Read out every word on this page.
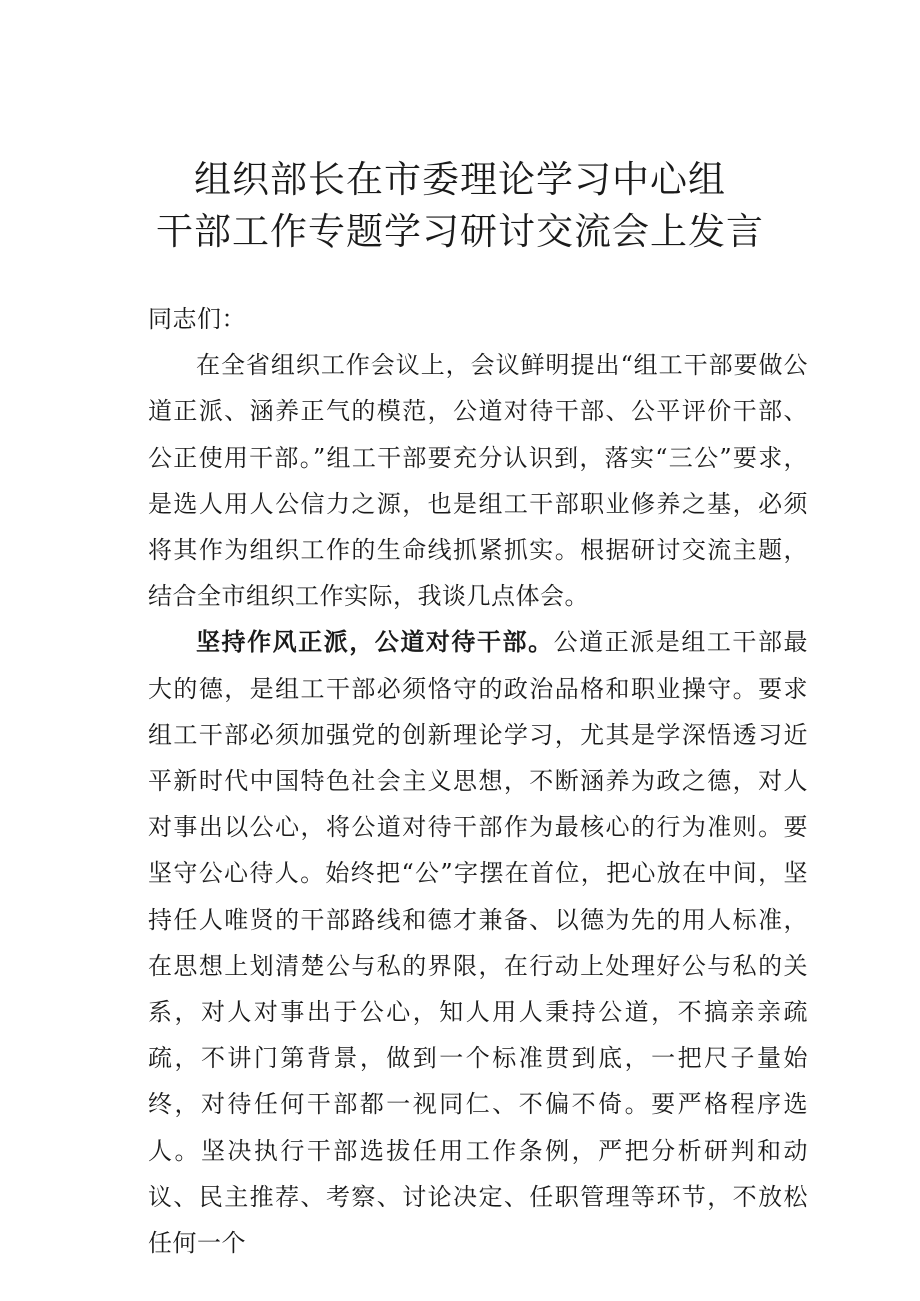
组织部长在市委理论学习中心组
干部工作专题学习研讨交流会上发言

同志们：

在全省组织工作会议上，会议鲜明提出“组工干部要做公道正派、涵养正气的模范，公道对待干部、公平评价干部、公正使用干部。”组工干部要充分认识到，落实“三公”要求，是选人用人公信力之源，也是组工干部职业修养之基，必须将其作为组织工作的生命线抓紧抓实。根据研讨交流主题，结合全市组织工作实际，我谈几点体会。

坚持作风正派，公道对待干部。公道正派是组工干部最大的德，是组工干部必须恪守的政治品格和职业操守。要求组工干部必须加强党的创新理论学习，尤其是学深悟透习近平新时代中国特色社会主义思想，不断涵养为政之德，对人对事出以公心，将公道对待干部作为最核心的行为准则。要坚守公心待人。始终把“公”字摆在首位，把心放在中间，坚持任人唯贤的干部路线和德才兼备、以德为先的用人标准，在思想上划清楚公与私的界限，在行动上处理好公与私的关系，对人对事出于公心，知人用人秉持公道，不搞亲亲疏疏，不讲门第背景，做到一个标准贯到底，一把尺子量始终，对待任何干部都一视同仁、不偏不倚。要严格程序选人。坚决执行干部选拔任用工作条例，严把分析研判和动议、民主推荐、考察、讨论决定、任职管理等环节，不放松任何一个
